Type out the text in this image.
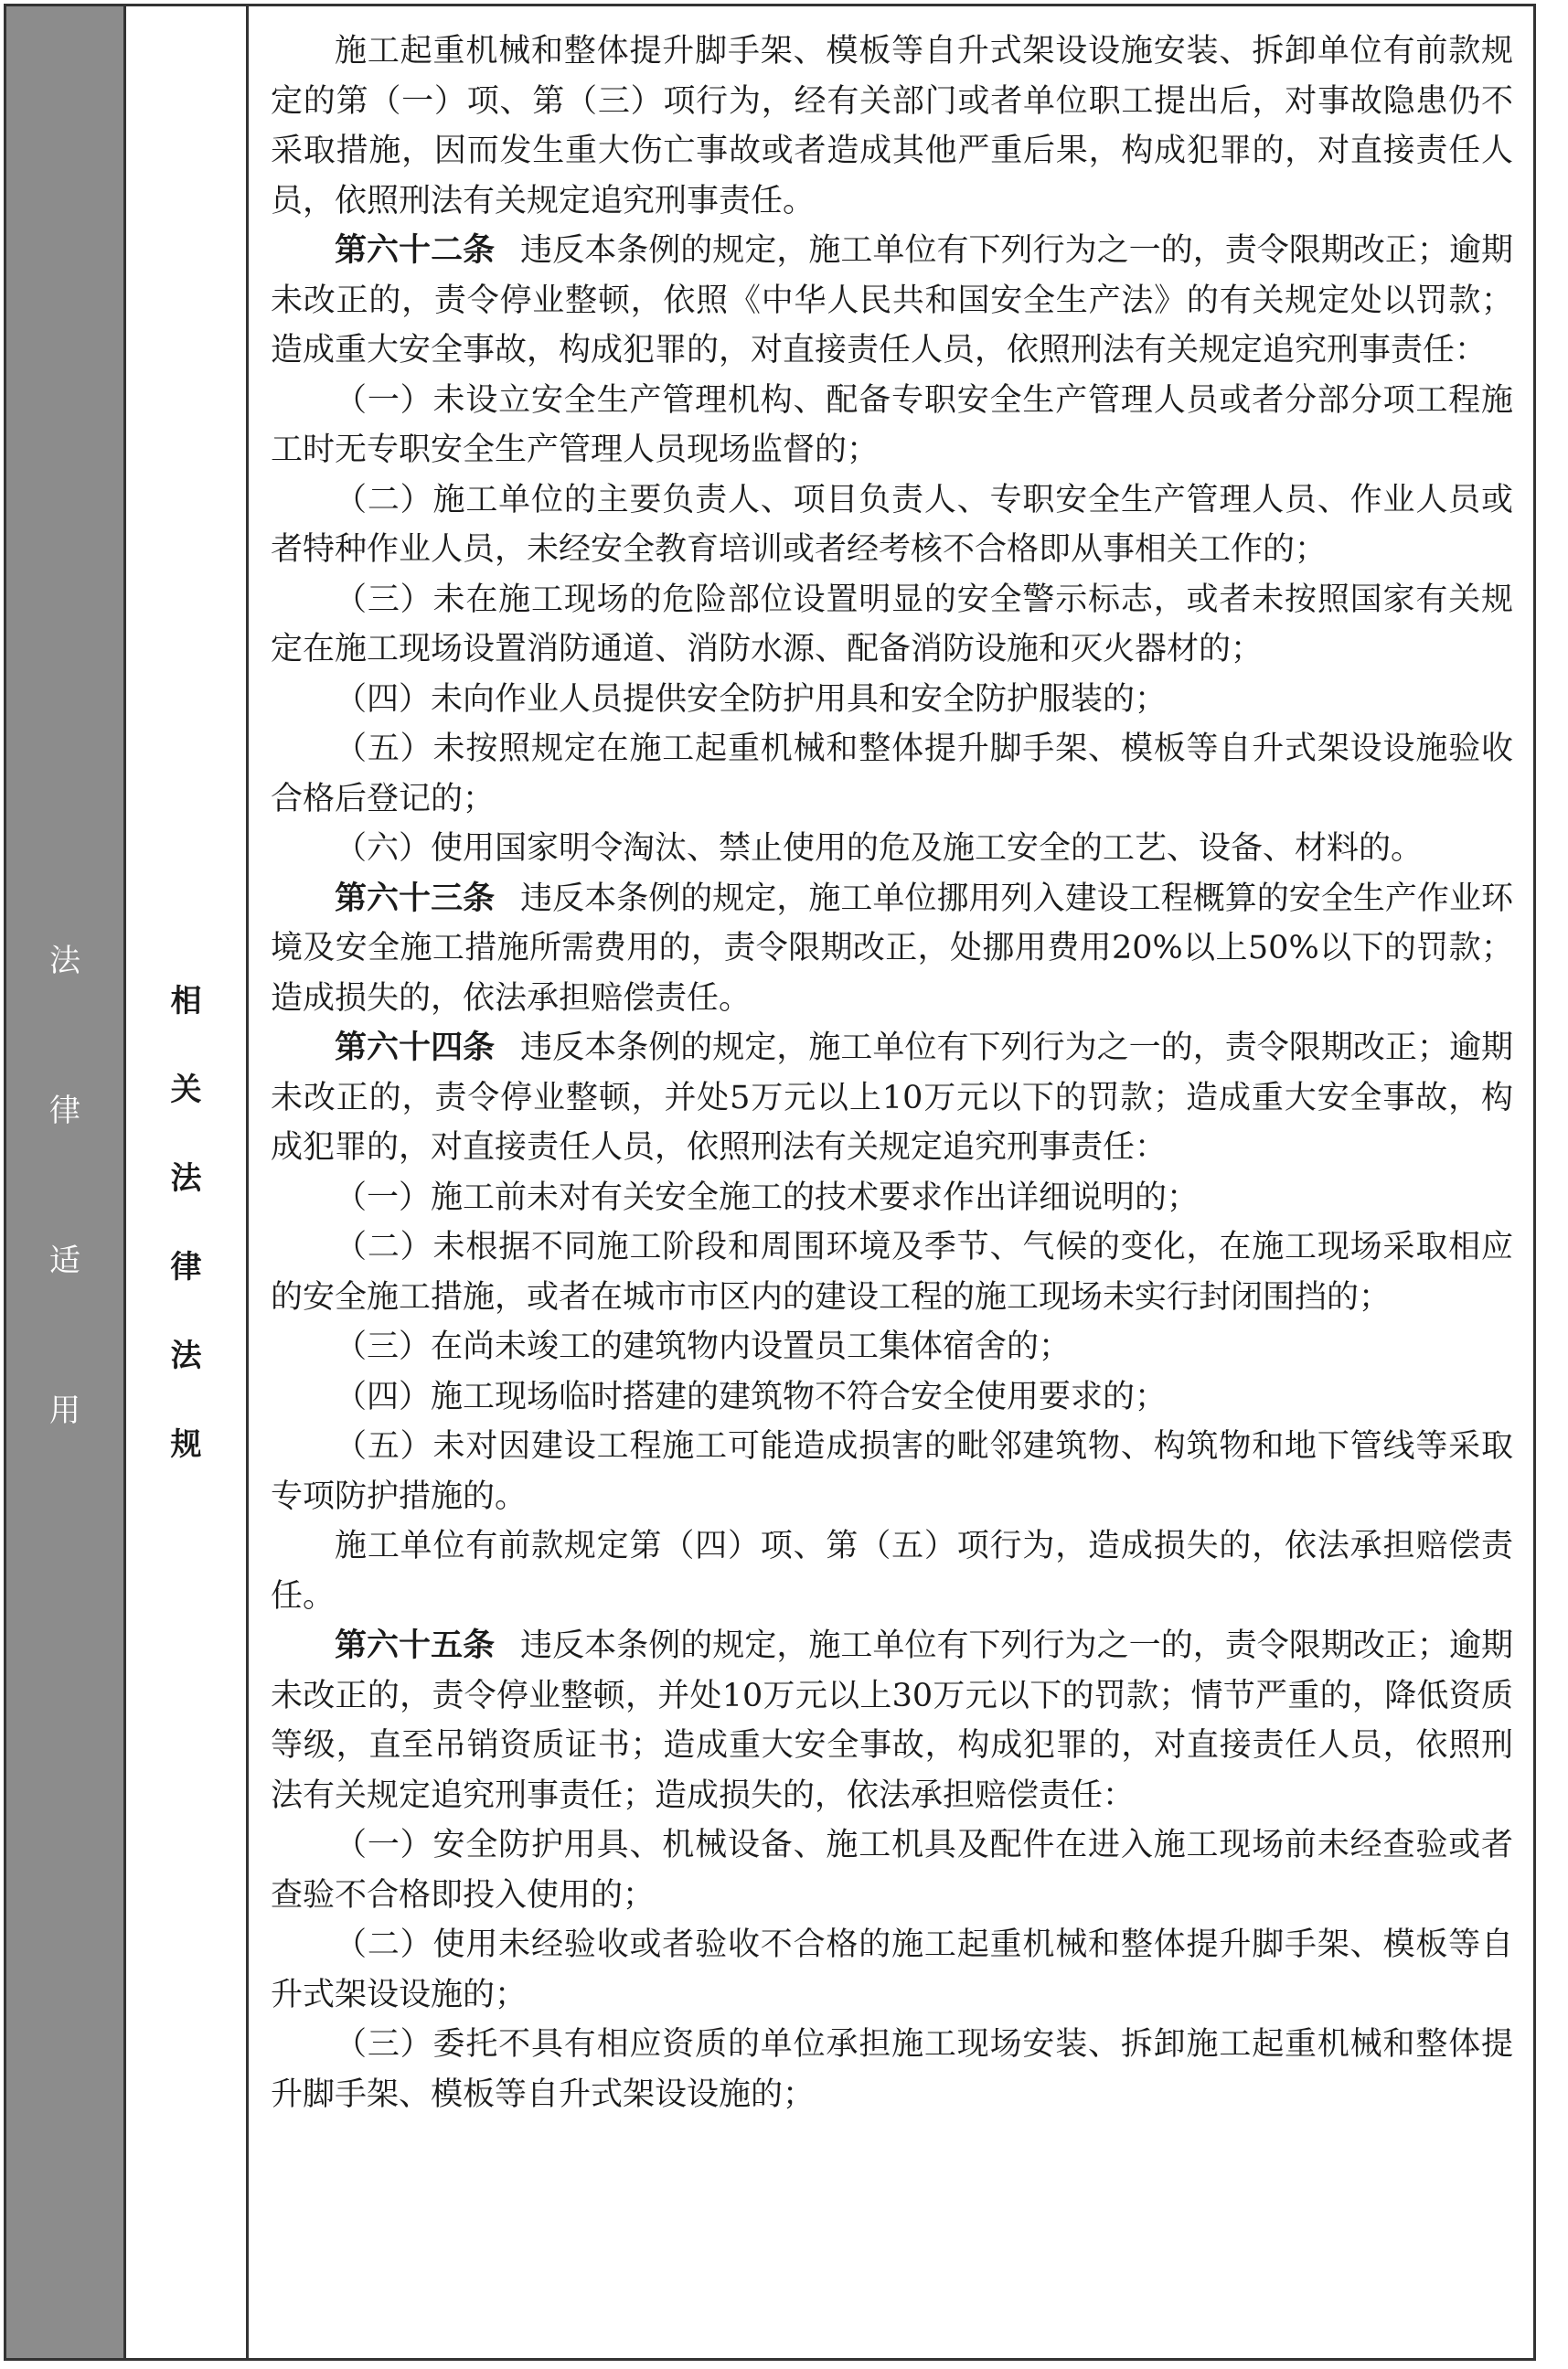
法律适用
相关法律法规

施工起重机械和整体提升脚手架、模板等自升式架设设施安装、拆卸单位有前款规定的第（一）项、第（三）项行为，经有关部门或者单位职工提出后，对事故隐患仍不采取措施，因而发生重大伤亡事故或者造成其他严重后果，构成犯罪的，对直接责任人员，依照刑法有关规定追究刑事责任。

第六十二条 违反本条例的规定，施工单位有下列行为之一的，责令限期改正；逾期未改正的，责令停业整顿，依照《中华人民共和国安全生产法》的有关规定处以罚款；造成重大安全事故，构成犯罪的，对直接责任人员，依照刑法有关规定追究刑事责任：

（一）未设立安全生产管理机构、配备专职安全生产管理人员或者分部分项工程施工时无专职安全生产管理人员现场监督的；

（二）施工单位的主要负责人、项目负责人、专职安全生产管理人员、作业人员或者特种作业人员，未经安全教育培训或者经考核不合格即从事相关工作的；

（三）未在施工现场的危险部位设置明显的安全警示标志，或者未按照国家有关规定在施工现场设置消防通道、消防水源、配备消防设施和灭火器材的；

（四）未向作业人员提供安全防护用具和安全防护服装的；

（五）未按照规定在施工起重机械和整体提升脚手架、模板等自升式架设设施验收合格后登记的；

（六）使用国家明令淘汰、禁止使用的危及施工安全的工艺、设备、材料的。

第六十三条 违反本条例的规定，施工单位挪用列入建设工程概算的安全生产作业环境及安全施工措施所需费用的，责令限期改正，处挪用费用20%以上50%以下的罚款；造成损失的，依法承担赔偿责任。

第六十四条 违反本条例的规定，施工单位有下列行为之一的，责令限期改正；逾期未改正的，责令停业整顿，并处5万元以上10万元以下的罚款；造成重大安全事故，构成犯罪的，对直接责任人员，依照刑法有关规定追究刑事责任：

（一）施工前未对有关安全施工的技术要求作出详细说明的；

（二）未根据不同施工阶段和周围环境及季节、气候的变化，在施工现场采取相应的安全施工措施，或者在城市市区内的建设工程的施工现场未实行封闭围挡的；

（三）在尚未竣工的建筑物内设置员工集体宿舍的；

（四）施工现场临时搭建的建筑物不符合安全使用要求的；

（五）未对因建设工程施工可能造成损害的毗邻建筑物、构筑物和地下管线等采取专项防护措施的。

施工单位有前款规定第（四）项、第（五）项行为，造成损失的，依法承担赔偿责任。

第六十五条 违反本条例的规定，施工单位有下列行为之一的，责令限期改正；逾期未改正的，责令停业整顿，并处10万元以上30万元以下的罚款；情节严重的，降低资质等级，直至吊销资质证书；造成重大安全事故，构成犯罪的，对直接责任人员，依照刑法有关规定追究刑事责任；造成损失的，依法承担赔偿责任：

（一）安全防护用具、机械设备、施工机具及配件在进入施工现场前未经查验或者查验不合格即投入使用的；

（二）使用未经验收或者验收不合格的施工起重机械和整体提升脚手架、模板等自升式架设设施的；

（三）委托不具有相应资质的单位承担施工现场安装、拆卸施工起重机械和整体提升脚手架、模板等自升式架设设施的；
